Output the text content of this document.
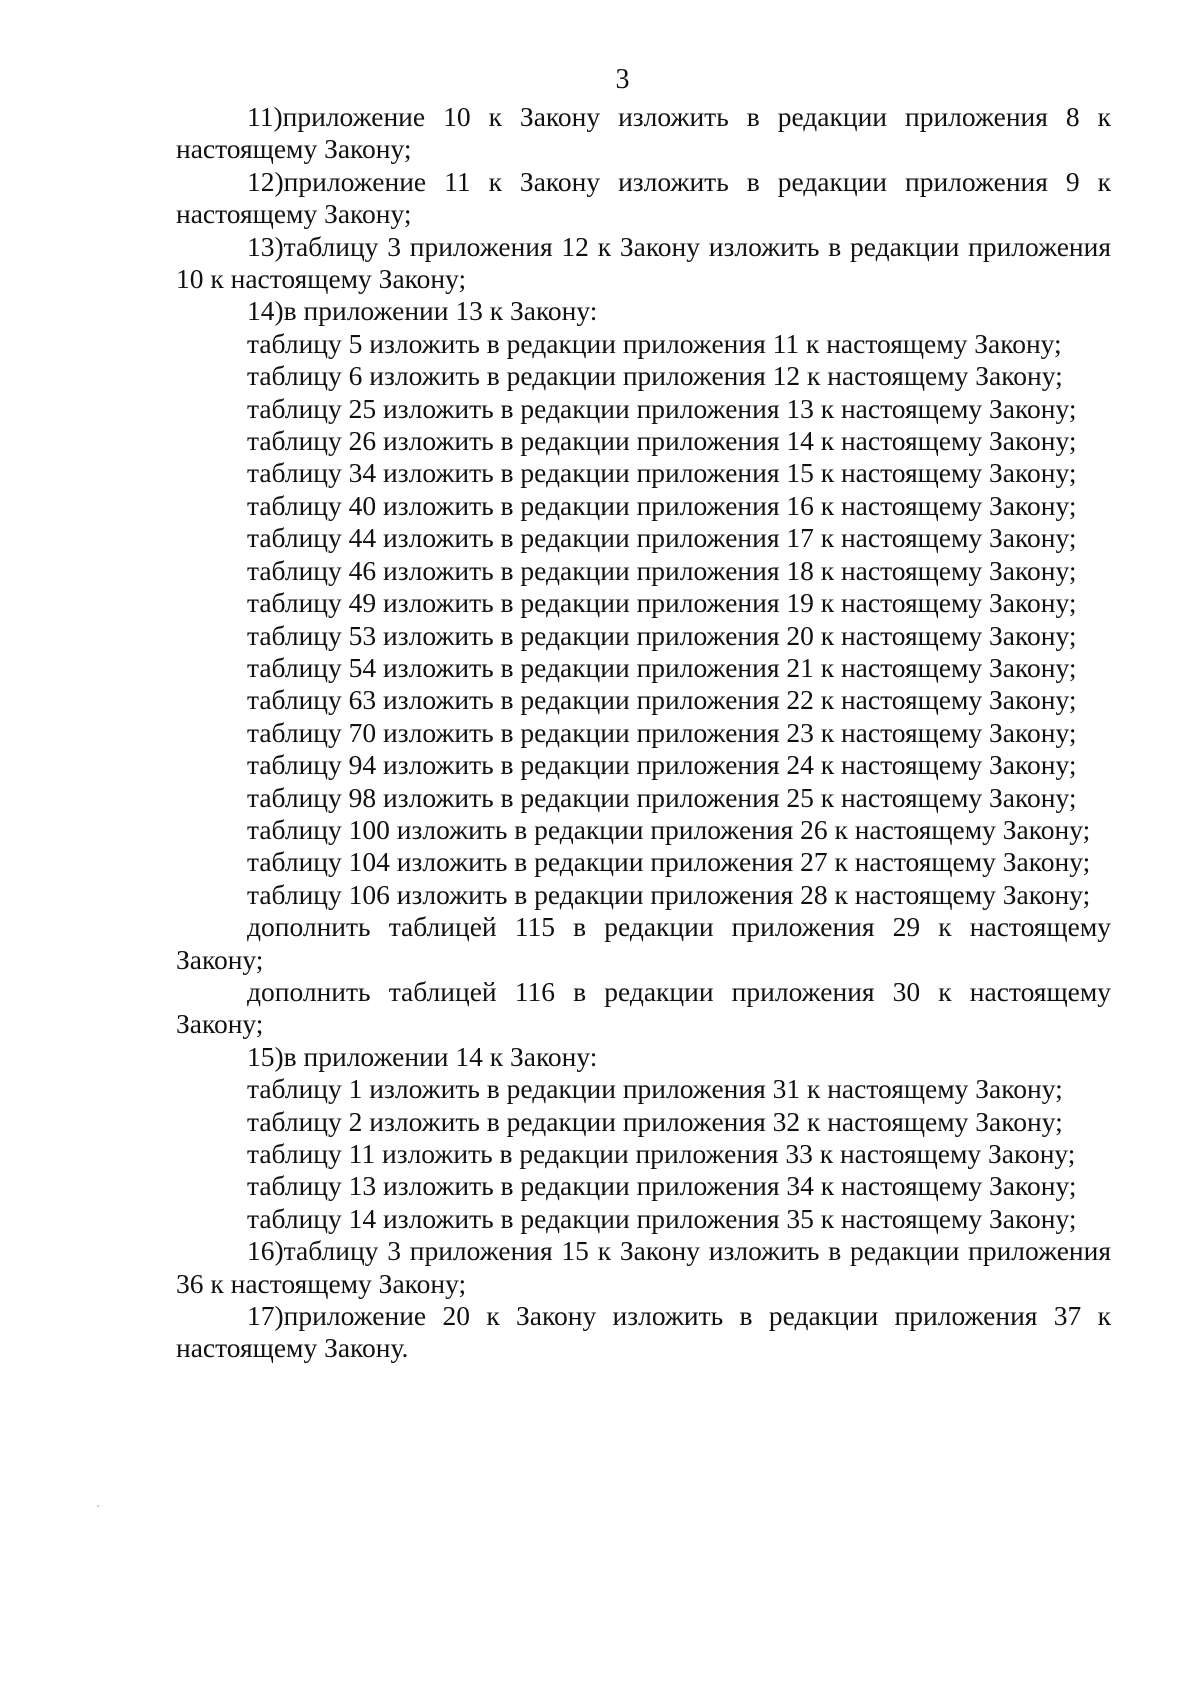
3

11)приложение 10 к Закону изложить в редакции приложения 8 к настоящему Закону;

12)приложение 11 к Закону изложить в редакции приложения 9 к настоящему Закону;

13)таблицу 3 приложения 12 к Закону изложить в редакции приложения 10 к настоящему Закону;

14)в приложении 13 к Закону:

таблицу 5 изложить в редакции приложения 11 к настоящему Закону;

таблицу 6 изложить в редакции приложения 12 к настоящему Закону;

таблицу 25 изложить в редакции приложения 13 к настоящему Закону;

таблицу 26 изложить в редакции приложения 14 к настоящему Закону;

таблицу 34 изложить в редакции приложения 15 к настоящему Закону;

таблицу 40 изложить в редакции приложения 16 к настоящему Закону;

таблицу 44 изложить в редакции приложения 17 к настоящему Закону;

таблицу 46 изложить в редакции приложения 18 к настоящему Закону;

таблицу 49 изложить в редакции приложения 19 к настоящему Закону;

таблицу 53 изложить в редакции приложения 20 к настоящему Закону;

таблицу 54 изложить в редакции приложения 21 к настоящему Закону;

таблицу 63 изложить в редакции приложения 22 к настоящему Закону;

таблицу 70 изложить в редакции приложения 23 к настоящему Закону;

таблицу 94 изложить в редакции приложения 24 к настоящему Закону;

таблицу 98 изложить в редакции приложения 25 к настоящему Закону;

таблицу 100 изложить в редакции приложения 26 к настоящему Закону;

таблицу 104 изложить в редакции приложения 27 к настоящему Закону;

таблицу 106 изложить в редакции приложения 28 к настоящему Закону;

дополнить таблицей 115 в редакции приложения 29 к настоящему Закону;

дополнить таблицей 116 в редакции приложения 30 к настоящему Закону;

15)в приложении 14 к Закону:

таблицу 1 изложить в редакции приложения 31 к настоящему Закону;

таблицу 2 изложить в редакции приложения 32 к настоящему Закону;

таблицу 11 изложить в редакции приложения 33 к настоящему Закону;

таблицу 13 изложить в редакции приложения 34 к настоящему Закону;

таблицу 14 изложить в редакции приложения 35 к настоящему Закону;

16)таблицу 3 приложения 15 к Закону изложить в редакции приложения 36 к настоящему Закону;

17)приложение 20 к Закону изложить в редакции приложения 37 к настоящему Закону.
